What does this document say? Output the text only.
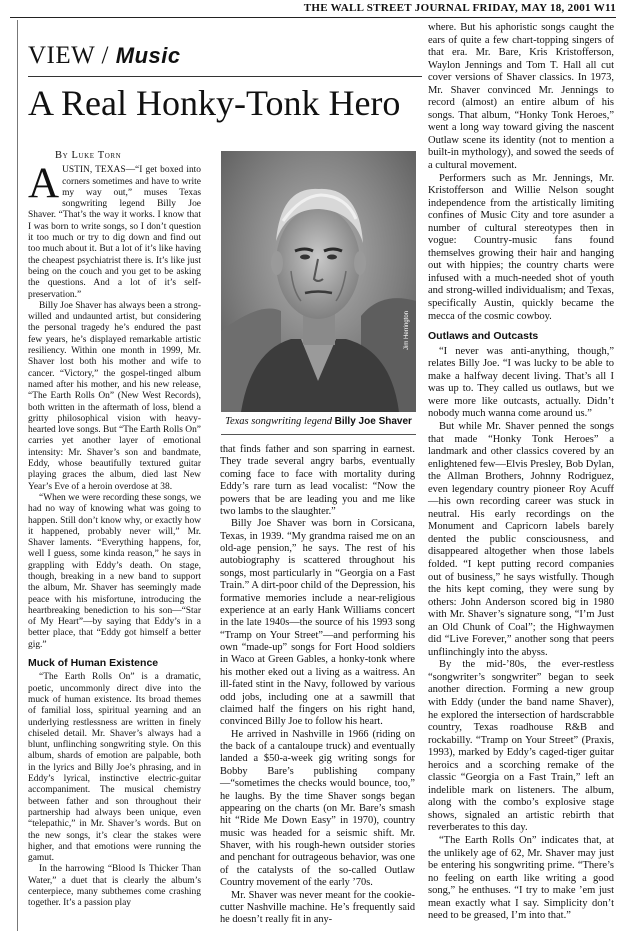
THE WALL STREET JOURNAL FRIDAY, MAY 18, 2001 W11
VIEW / Music
A Real Honky-Tonk Hero

By Luke Torn

AUSTIN, TEXAS—“I get boxed into corners sometimes and have to write my way out,” muses Texas songwriting legend Billy Joe Shaver. “That’s the way it works. I know that I was born to write songs, so I don’t question it too much or try to dig down and find out too much about it. But a lot of it’s like having the cheapest psychiatrist there is. It’s like just being on the couch and you get to be asking the questions. And a lot of it’s self-preservation.”

Billy Joe Shaver has always been a strong-willed and undaunted artist, but considering the personal tragedy he’s endured the past few years, he’s displayed remarkable artistic resiliency. Within one month in 1999, Mr. Shaver lost both his mother and wife to cancer. “Victory,” the gospel-tinged album named after his mother, and his new release, “The Earth Rolls On” (New West Records), both written in the aftermath of loss, blend a gritty philosophical vision with heavy-hearted love songs. But “The Earth Rolls On” carries yet another layer of emotional intensity: Mr. Shaver’s son and bandmate, Eddy, whose beautifully textured guitar playing graces the album, died last New Year’s Eve of a heroin overdose at 38.

“When we were recording these songs, we had no way of knowing what was going to happen. Still don’t know why, or exactly how it happened, probably never will,” Mr. Shaver laments. “Everything happens, for, well I guess, some kinda reason,” he says in grappling with Eddy’s death. On stage, though, breaking in a new band to support the album, Mr. Shaver has seemingly made peace with his misfortune, introducing the heartbreaking benediction to his son—“Star of My Heart”—by saying that Eddy’s in a better place, that “Eddy got himself a better gig.”

Muck of Human Existence

“The Earth Rolls On” is a dramatic, poetic, uncommonly direct dive into the muck of human existence. Its broad themes of familial loss, spiritual yearning and an underlying restlessness are written in finely chiseled detail. Mr. Shaver’s always had a blunt, unflinching songwriting style. On this album, shards of emotion are palpable, both in the lyrics and Billy Joe’s phrasing, and in Eddy’s lyrical, instinctive electric-guitar accompaniment. The musical chemistry between father and son throughout their partnership had always been unique, even “telepathic,” in Mr. Shaver’s words. But on the new songs, it’s clear the stakes were higher, and that emotions were running the gamut.

In the harrowing “Blood Is Thicker Than Water,” a duet that is clearly the album’s centerpiece, many subthemes come crashing together. It’s a passion play

Jim Herrington
Texas songwriting legend Billy Joe Shaver

that finds father and son sparring in earnest. They trade several angry barbs, eventually coming face to face with mortality during Eddy’s rare turn as lead vocalist: “Now the powers that be are leading you and me like two lambs to the slaughter.”

Billy Joe Shaver was born in Corsicana, Texas, in 1939. “My grandma raised me on an old-age pension,” he says. The rest of his autobiography is scattered throughout his songs, most particularly in “Georgia on a Fast Train.” A dirt-poor child of the Depression, his formative memories include a near-religious experience at an early Hank Williams concert in the late 1940s—the source of his 1993 song “Tramp on Your Street”—and performing his own “made-up” songs for Fort Hood soldiers in Waco at Green Gables, a honky-tonk where his mother eked out a living as a waitress. An ill-fated stint in the Navy, followed by various odd jobs, including one at a sawmill that claimed half the fingers on his right hand, convinced Billy Joe to follow his heart.

He arrived in Nashville in 1966 (riding on the back of a cantaloupe truck) and eventually landed a $50-a-week gig writing songs for Bobby Bare’s publishing company—“sometimes the checks would bounce, too,” he laughs. By the time Shaver songs began appearing on the charts (on Mr. Bare’s smash hit “Ride Me Down Easy” in 1970), country music was headed for a seismic shift. Mr. Shaver, with his rough-hewn outsider stories and penchant for outrageous behavior, was one of the catalysts of the so-called Outlaw Country movement of the early ’70s.

Mr. Shaver was never meant for the cookie-cutter Nashville machine. He’s frequently said he doesn’t really fit in any-

where. But his aphoristic songs caught the ears of quite a few chart-topping singers of that era. Mr. Bare, Kris Kristofferson, Waylon Jennings and Tom T. Hall all cut cover versions of Shaver classics. In 1973, Mr. Shaver convinced Mr. Jennings to record (almost) an entire album of his songs. That album, “Honky Tonk Heroes,” went a long way toward giving the nascent Outlaw scene its identity (not to mention a built-in mythology), and sowed the seeds of a cultural movement.

Performers such as Mr. Jennings, Mr. Kristofferson and Willie Nelson sought independence from the artistically limiting confines of Music City and tore asunder a number of cultural stereotypes then in vogue: Country-music fans found themselves growing their hair and hanging out with hippies; the country charts were infused with a much-needed shot of youth and strong-willed individualism; and Texas, specifically Austin, quickly became the mecca of the cosmic cowboy.

Outlaws and Outcasts

“I never was anti-anything, though,” relates Billy Joe. “I was lucky to be able to make a halfway decent living. That’s all I was up to. They called us outlaws, but we were more like outcasts, actually. Didn’t nobody much wanna come around us.”

But while Mr. Shaver penned the songs that made “Honky Tonk Heroes” a landmark and other classics covered by an enlightened few—Elvis Presley, Bob Dylan, the Allman Brothers, Johnny Rodriguez, even legendary country pioneer Roy Acuff—his own recording career was stuck in neutral. His early recordings on the Monument and Capricorn labels barely dented the public consciousness, and disappeared altogether when those labels folded. “I kept putting record companies out of business,” he says wistfully. Though the hits kept coming, they were sung by others: John Anderson scored big in 1980 with Mr. Shaver’s signature song, “I’m Just an Old Chunk of Coal”; the Highwaymen did “Live Forever,” another song that peers unflinchingly into the abyss.

By the mid-’80s, the ever-restless “songwriter’s songwriter” began to seek another direction. Forming a new group with Eddy (under the band name Shaver), he explored the intersection of hardscrabble country, Texas roadhouse R&B and rockabilly. “Tramp on Your Street” (Praxis, 1993), marked by Eddy’s caged-tiger guitar heroics and a scorching remake of the classic “Georgia on a Fast Train,” left an indelible mark on listeners. The album, along with the combo’s explosive stage shows, signaled an artistic rebirth that reverberates to this day.

“The Earth Rolls On” indicates that, at the unlikely age of 62, Mr. Shaver may just be entering his songwriting prime. “There’s no feeling on earth like writing a good song,” he enthuses. “I try to make ’em just mean exactly what I say. Simplicity don’t need to be greased, I’m into that.”
